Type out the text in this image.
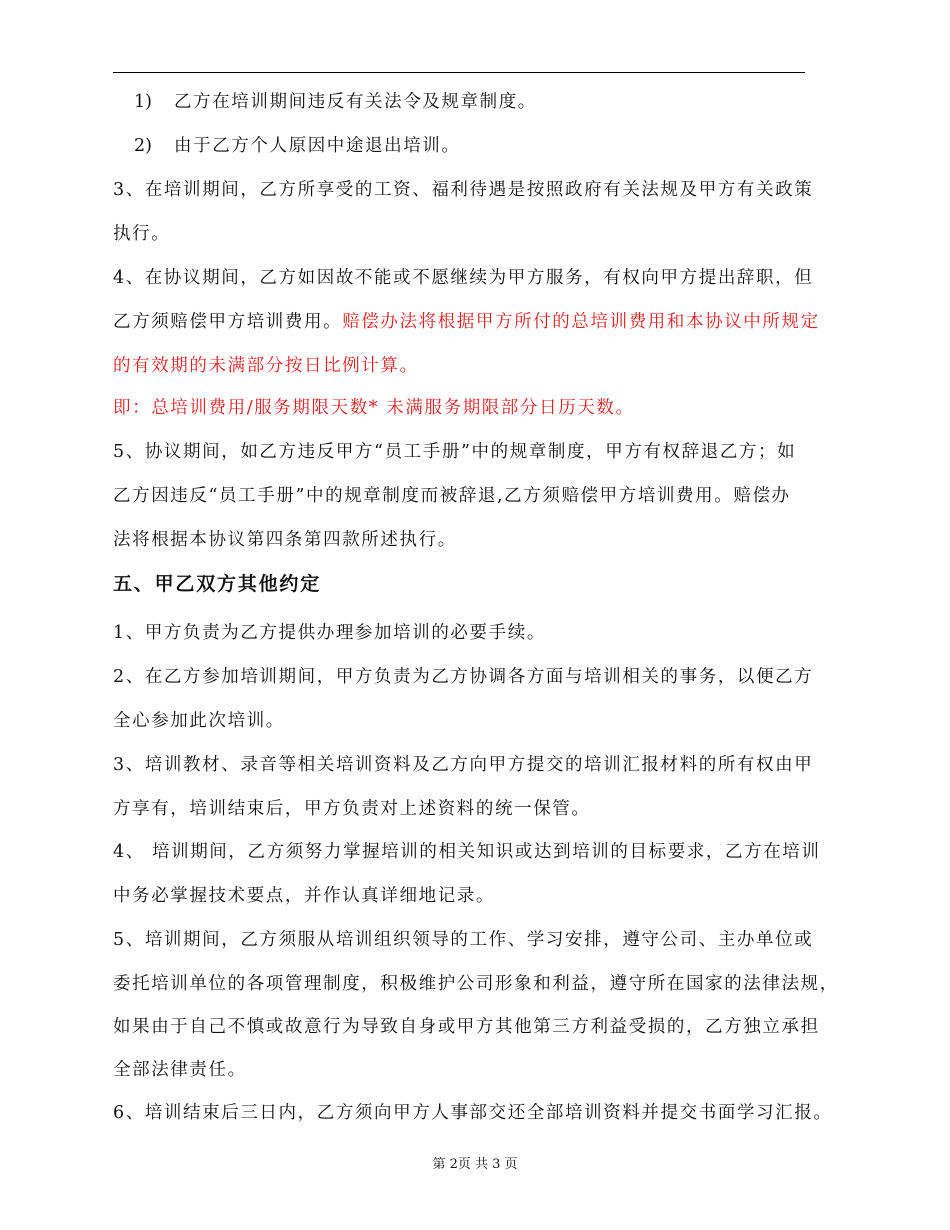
1) 乙方在培训期间违反有关法令及规章制度。
2) 由于乙方个人原因中途退出培训。
3、在培训期间，乙方所享受的工资、福利待遇是按照政府有关法规及甲方有关政策
执行。
4、在协议期间，乙方如因故不能或不愿继续为甲方服务，有权向甲方提出辞职，但
乙方须赔偿甲方培训费用。赔偿办法将根据甲方所付的总培训费用和本协议中所规定
的有效期的未满部分按日比例计算。
即：总培训费用/服务期限天数* 未满服务期限部分日历天数。
5、协议期间，如乙方违反甲方“员工手册”中的规章制度，甲方有权辞退乙方；如
乙方因违反“员工手册”中的规章制度而被辞退,乙方须赔偿甲方培训费用。赔偿办
法将根据本协议第四条第四款所述执行。
五、甲乙双方其他约定
1、甲方负责为乙方提供办理参加培训的必要手续。
2、在乙方参加培训期间，甲方负责为乙方协调各方面与培训相关的事务，以便乙方
全心参加此次培训。
3、培训教材、录音等相关培训资料及乙方向甲方提交的培训汇报材料的所有权由甲
方享有，培训结束后，甲方负责对上述资料的统一保管。
4、 培训期间，乙方须努力掌握培训的相关知识或达到培训的目标要求，乙方在培训
中务必掌握技术要点，并作认真详细地记录。
5、培训期间，乙方须服从培训组织领导的工作、学习安排，遵守公司、主办单位或
委托培训单位的各项管理制度，积极维护公司形象和利益，遵守所在国家的法律法规，
如果由于自己不慎或故意行为导致自身或甲方其他第三方利益受损的，乙方独立承担
全部法律责任。
6、培训结束后三日内，乙方须向甲方人事部交还全部培训资料并提交书面学习汇报。
第 2页 共 3 页
